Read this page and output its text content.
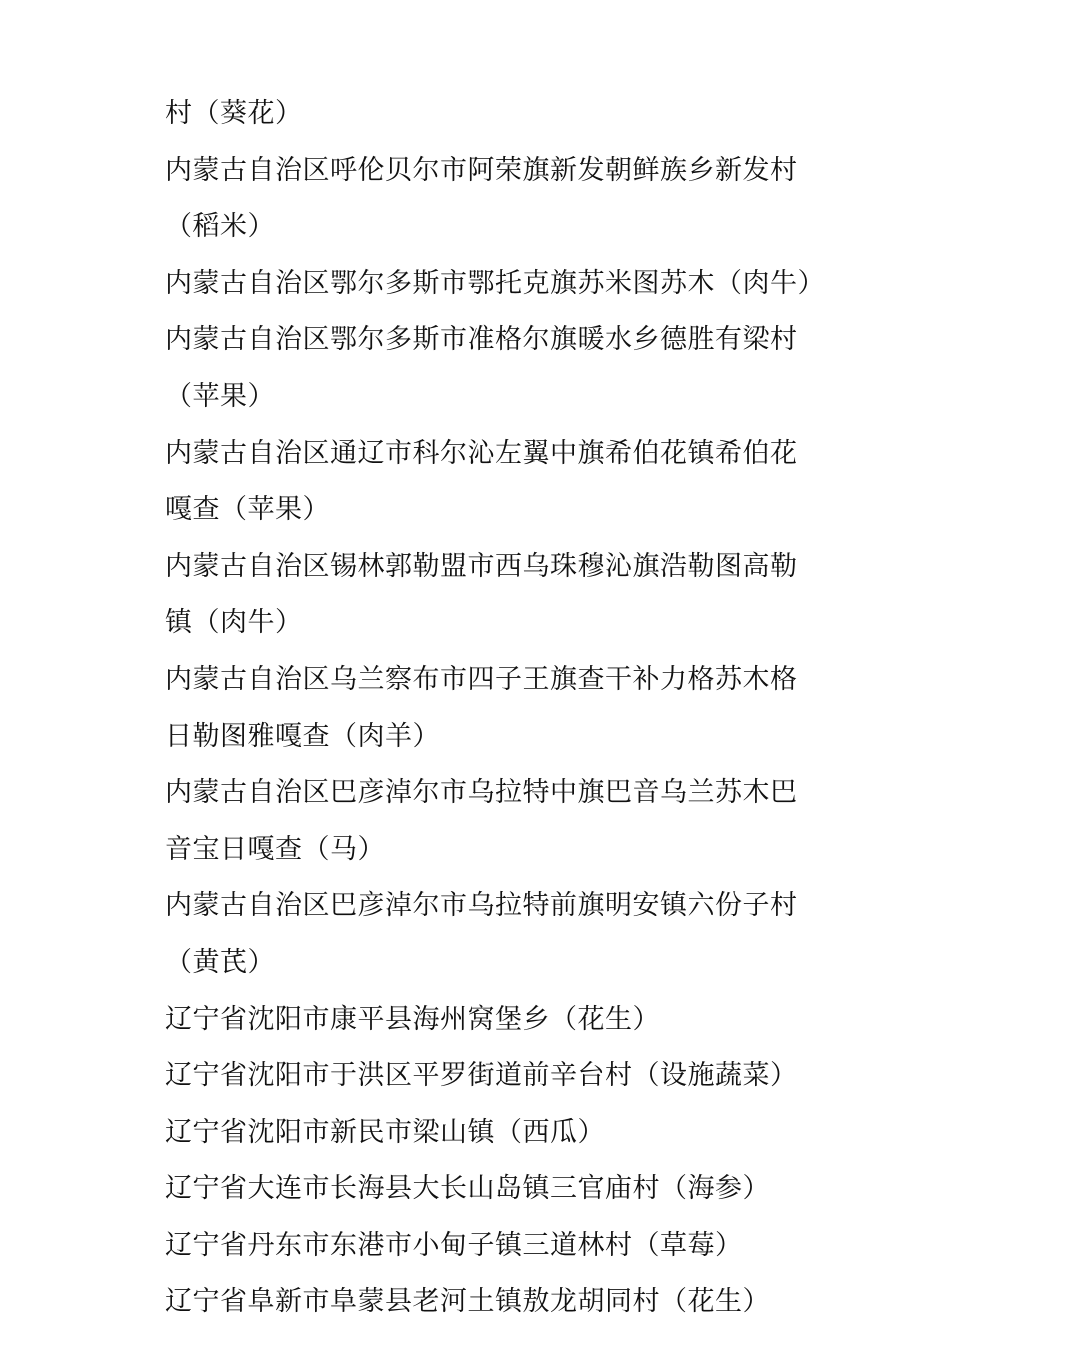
村（葵花）
内蒙古自治区呼伦贝尔市阿荣旗新发朝鲜族乡新发村
（稻米）
内蒙古自治区鄂尔多斯市鄂托克旗苏米图苏木（肉牛）
内蒙古自治区鄂尔多斯市准格尔旗暖水乡德胜有梁村
（苹果）
内蒙古自治区通辽市科尔沁左翼中旗希伯花镇希伯花
嘎查（苹果）
内蒙古自治区锡林郭勒盟市西乌珠穆沁旗浩勒图高勒
镇（肉牛）
内蒙古自治区乌兰察布市四子王旗查干补力格苏木格
日勒图雅嘎查（肉羊）
内蒙古自治区巴彦淖尔市乌拉特中旗巴音乌兰苏木巴
音宝日嘎查（马）
内蒙古自治区巴彦淖尔市乌拉特前旗明安镇六份子村
（黄芪）
辽宁省沈阳市康平县海州窝堡乡（花生）
辽宁省沈阳市于洪区平罗街道前辛台村（设施蔬菜）
辽宁省沈阳市新民市梁山镇（西瓜）
辽宁省大连市长海县大长山岛镇三官庙村（海参）
辽宁省丹东市东港市小甸子镇三道林村（草莓）
辽宁省阜新市阜蒙县老河土镇敖龙胡同村（花生）
